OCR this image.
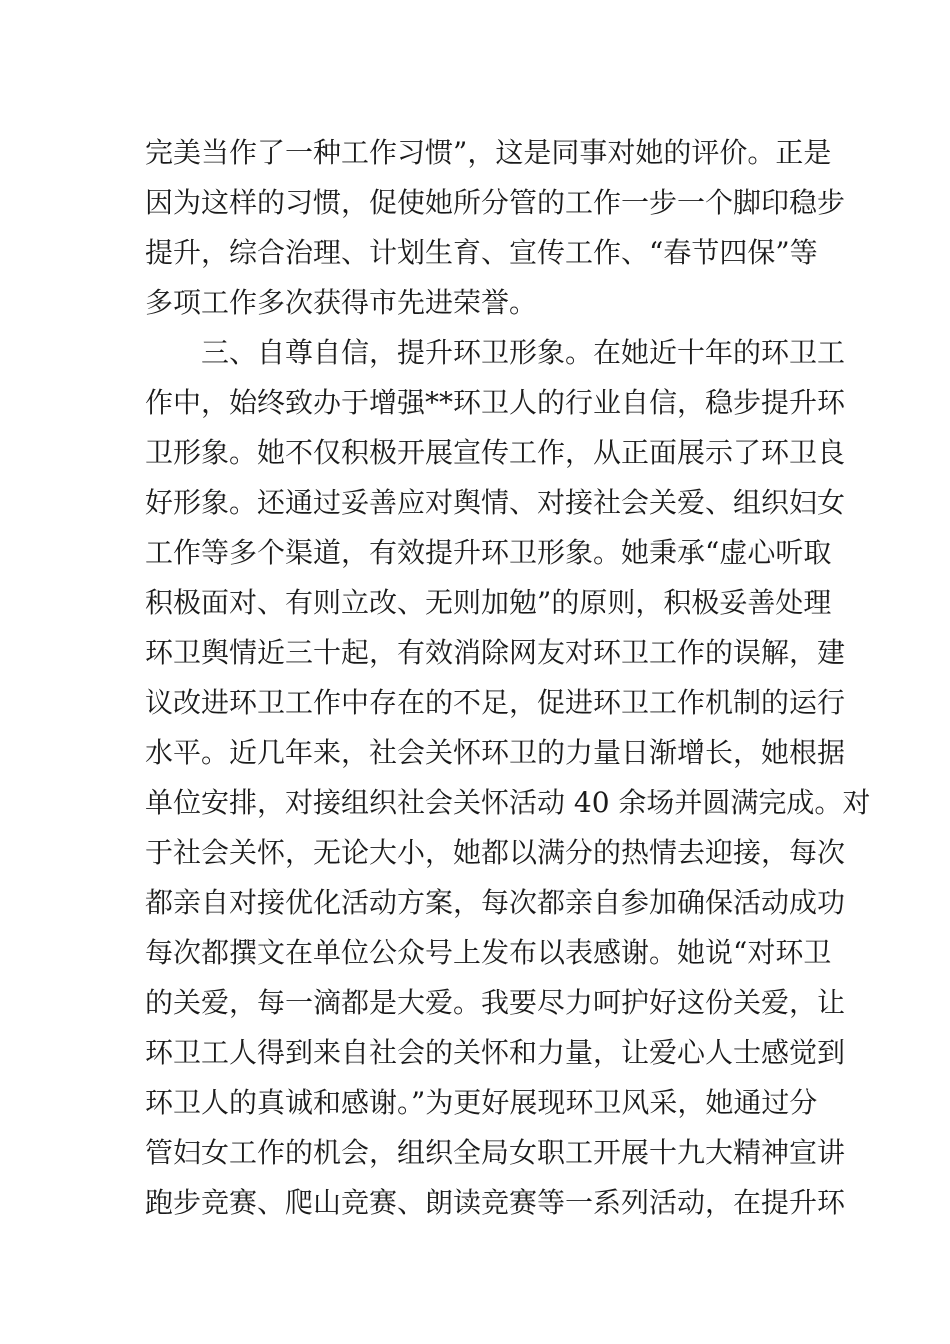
完美当作了一种工作习惯”，这是同事对她的评价。正是
因为这样的习惯，促使她所分管的工作一步一个脚印稳步
提升，综合治理、计划生育、宣传工作、“春节四保”等
多项工作多次获得市先进荣誉。
三、自尊自信，提升环卫形象。在她近十年的环卫工
作中，始终致办于增强**环卫人的行业自信，稳步提升环
卫形象。她不仅积极开展宣传工作，从正面展示了环卫良
好形象。还通过妥善应对舆情、对接社会关爱、组织妇女
工作等多个渠道，有效提升环卫形象。她秉承“虚心听取
积极面对、有则立改、无则加勉”的原则，积极妥善处理
环卫舆情近三十起，有效消除网友对环卫工作的误解，建
议改进环卫工作中存在的不足，促进环卫工作机制的运行
水平。近几年来，社会关怀环卫的力量日渐增长，她根据
单位安排，对接组织社会关怀活动 40 余场并圆满完成。对
于社会关怀，无论大小，她都以满分的热情去迎接，每次
都亲自对接优化活动方案，每次都亲自参加确保活动成功
每次都撰文在单位公众号上发布以表感谢。她说“对环卫
的关爱，每一滴都是大爱。我要尽力呵护好这份关爱，让
环卫工人得到来自社会的关怀和力量，让爱心人士感觉到
环卫人的真诚和感谢。”为更好展现环卫风采，她通过分
管妇女工作的机会，组织全局女职工开展十九大精神宣讲
跑步竞赛、爬山竞赛、朗读竞赛等一系列活动，在提升环
